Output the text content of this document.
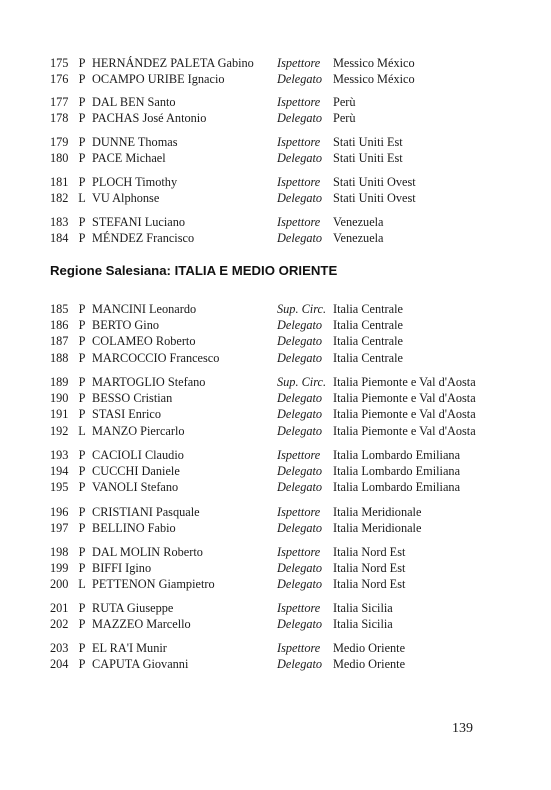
Regione Salesiana: ITALIA E MEDIO ORIENTE
139
175 P HERNÁNDEZ PALETA Gabino	Ispettore	Messico México
176 P OCAMPO URIBE Ignacio	Delegato Messico México
177 P DAL BEN Santo	Ispettore	Perù
178 P PACHAS José Antonio	Delegato Perù
179 P DUNNE Thomas	Ispettore	Stati Uniti Est
180 P PACE Michael	Delegato Stati Uniti Est
181 P PLOCH Timothy	Ispettore	Stati Uniti Ovest
182 L VU Alphonse	Delegato Stati Uniti Ovest
183 P STEFANI Luciano	Ispettore	Venezuela
184 P MÉNDEZ Francisco	Delegato Venezuela
185 P MANCINI Leonardo	Sup. Circ. Italia Centrale
186 P BERTO Gino	Delegato Italia Centrale
187 P COLAMEO Roberto	Delegato Italia Centrale
188 P MARCOCCIO Francesco	Delegato Italia Centrale
189 P MARTOGLIO Stefano	Sup. Circ. Italia Piemonte e Val d'Aosta
190 P BESSO Cristian	Delegato Italia Piemonte e Val d'Aosta
191 P STASI Enrico	Delegato Italia Piemonte e Val d'Aosta
192 L MANZO Piercarlo	Delegato Italia Piemonte e Val d'Aosta
193 P CACIOLI Claudio	Ispettore	Italia Lombardo Emiliana
194 P CUCCHI Daniele	Delegato Italia Lombardo Emiliana
195 P VANOLI Stefano	Delegato Italia Lombardo Emiliana
196 P CRISTIANI Pasquale	Ispettore	Italia Meridionale
197 P BELLINO Fabio	Delegato Italia Meridionale
198 P DAL MOLIN Roberto	Ispettore	Italia Nord Est
199 P BIFFI Igino	Delegato Italia Nord Est
200 L PETTENON Giampietro	Delegato Italia Nord Est
201 P RUTA Giuseppe	Ispettore	Italia Sicilia
202 P MAZZEO Marcello	Delegato Italia Sicilia
203 P EL RA'I Munir	Ispettore	Medio Oriente
204 P CAPUTA Giovanni	Delegato Medio Oriente
